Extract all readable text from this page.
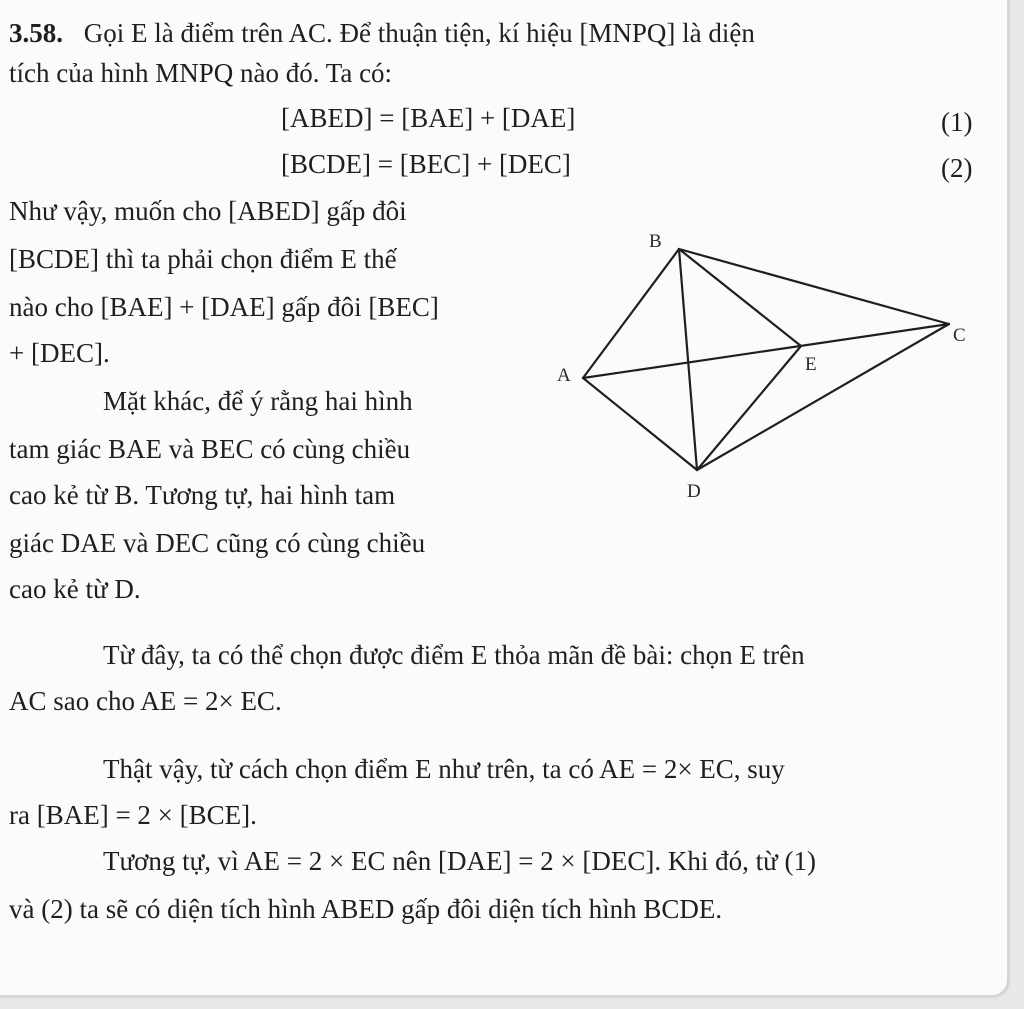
3.58. Gọi E là điểm trên AC. Để thuận tiện, kí hiệu [MNPQ] là diện
tích của hình MNPQ nào đó. Ta có:
[ABED] = [BAE] + [DAE]	(1)
[BCDE] = [BEC] + [DEC]	(2)
Như vậy, muốn cho [ABED] gấp đôi
[BCDE] thì ta phải chọn điểm E thế
nào cho [BAE] + [DAE] gấp đôi [BEC]
+ [DEC].
Mặt khác, để ý rằng hai hình
tam giác BAE và BEC có cùng chiều
cao kẻ từ B. Tương tự, hai hình tam
giác DAE và DEC cũng có cùng chiều
cao kẻ từ D.
Từ đây, ta có thể chọn được điểm E thỏa mãn đề bài: chọn E trên
AC sao cho AE = 2× EC.
Thật vậy, từ cách chọn điểm E như trên, ta có AE = 2× EC, suy
ra [BAE] = 2 × [BCE].
Tương tự, vì AE = 2 × EC nên [DAE] = 2 × [DEC]. Khi đó, từ (1)
và (2) ta sẽ có diện tích hình ABED gấp đôi diện tích hình BCDE.
B
C
A
E
D
